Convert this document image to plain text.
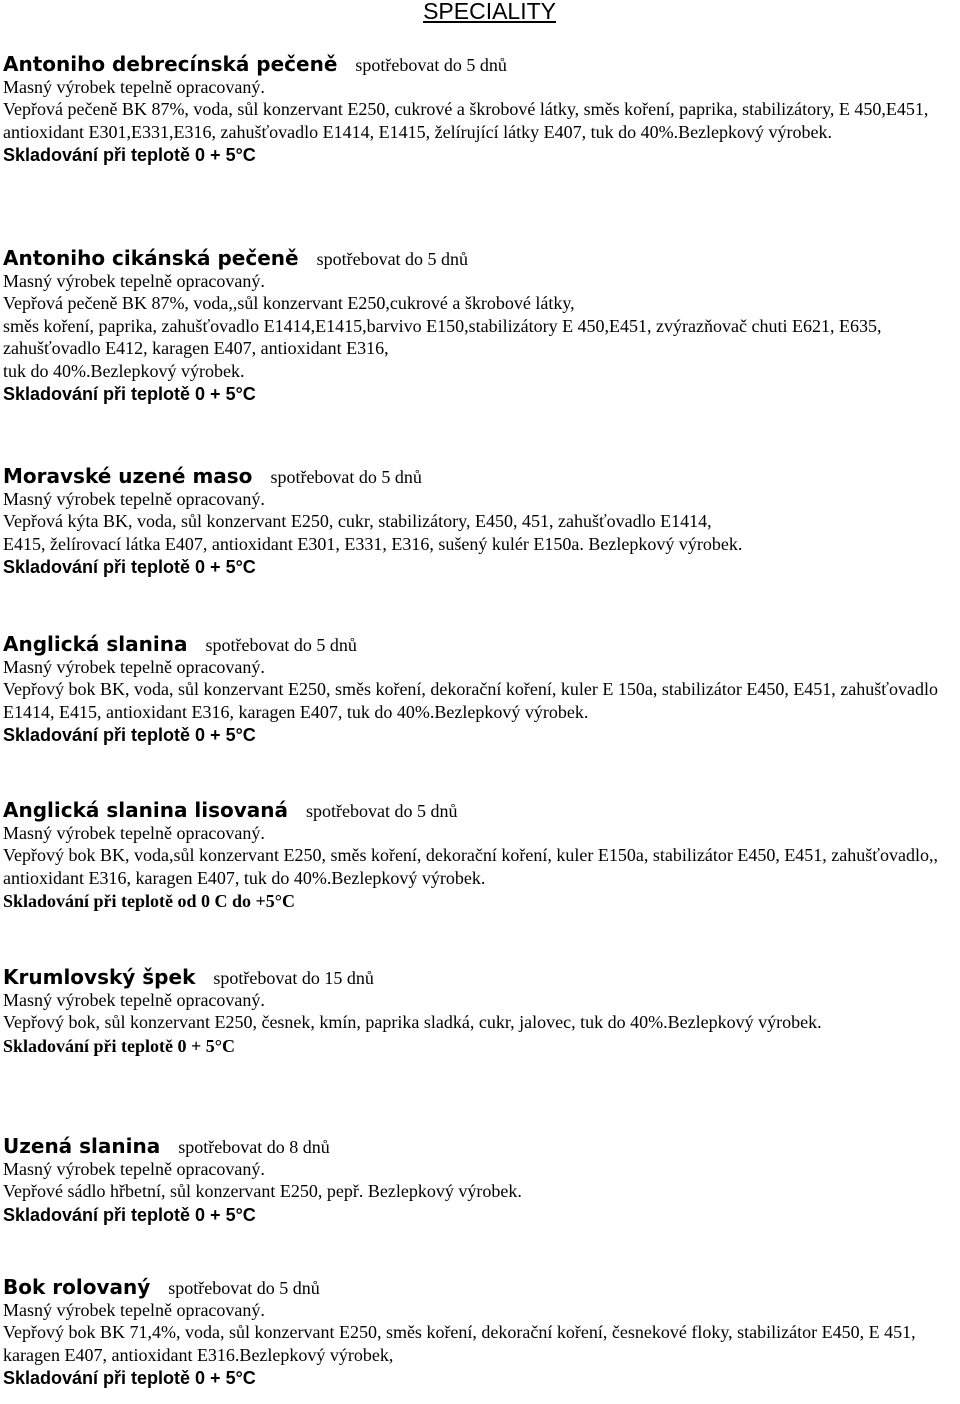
SPECIALITY
Antoniho debrecínská pečeně spotřebovat do 5 dnů
Masný výrobek tepelně opracovaný.
Vepřová pečeně BK 87%, voda, sůl konzervant E250, cukrové a škrobové látky, směs koření, paprika, stabilizátory, E 450,E451, antioxidant E301,E331,E316, zahušťovadlo E1414, E1415, želírující látky E407, tuk do 40%.Bezlepkový výrobek.
Skladování při teplotě 0 + 5°C
Antoniho cikánská pečeně spotřebovat do 5 dnů
Masný výrobek tepelně opracovaný.
Vepřová pečeně BK 87%, voda,,sůl konzervant E250,cukrové a škrobové látky,
směs koření, paprika, zahušťovadlo E1414,E1415,barvivo E150,stabilizátory E 450,E451, zvýrazňovač chuti E621, E635, zahušťovadlo E412, karagen E407, antioxidant E316,
tuk do 40%.Bezlepkový výrobek.
Skladování při teplotě 0 + 5°C
Moravské uzené maso spotřebovat do 5 dnů
Masný výrobek tepelně opracovaný.
Vepřová kýta BK, voda, sůl konzervant E250, cukr, stabilizátory, E450, 451, zahušťovadlo E1414,
E415, želírovací látka E407, antioxidant E301, E331, E316, sušený kulér E150a. Bezlepkový výrobek.
Skladování při teplotě 0 + 5°C
Anglická slanina spotřebovat do 5 dnů
Masný výrobek tepelně opracovaný.
Vepřový bok BK, voda, sůl konzervant E250, směs koření, dekorační koření, kuler E 150a, stabilizátor E450, E451, zahušťovadlo E1414, E415, antioxidant E316, karagen E407, tuk do 40%.Bezlepkový výrobek.
Skladování při teplotě 0 + 5°C
Anglická slanina lisovaná spotřebovat do 5 dnů
Masný výrobek tepelně opracovaný.
Vepřový bok BK, voda,sůl konzervant E250, směs koření, dekorační koření, kuler E150a, stabilizátor E450, E451, zahušťovadlo,, antioxidant E316, karagen E407, tuk do 40%.Bezlepkový výrobek.
Skladování při teplotě od 0 C do +5°C
Krumlovský špek spotřebovat do 15 dnů
Masný výrobek tepelně opracovaný.
Vepřový bok, sůl konzervant E250, česnek, kmín, paprika sladká, cukr, jalovec, tuk do 40%.Bezlepkový výrobek.
Skladování při teplotě 0 + 5°C
Uzená slanina spotřebovat do 8 dnů
Masný výrobek tepelně opracovaný.
Vepřové sádlo hřbetní, sůl konzervant E250, pepř. Bezlepkový výrobek.
Skladování při teplotě 0 + 5°C
Bok rolovaný spotřebovat do 5 dnů
Masný výrobek tepelně opracovaný.
Vepřový bok BK 71,4%, voda, sůl konzervant E250, směs koření, dekorační koření, česnekové floky, stabilizátor E450, E 451, karagen E407, antioxidant E316.Bezlepkový výrobek,
Skladování při teplotě 0 + 5°C
